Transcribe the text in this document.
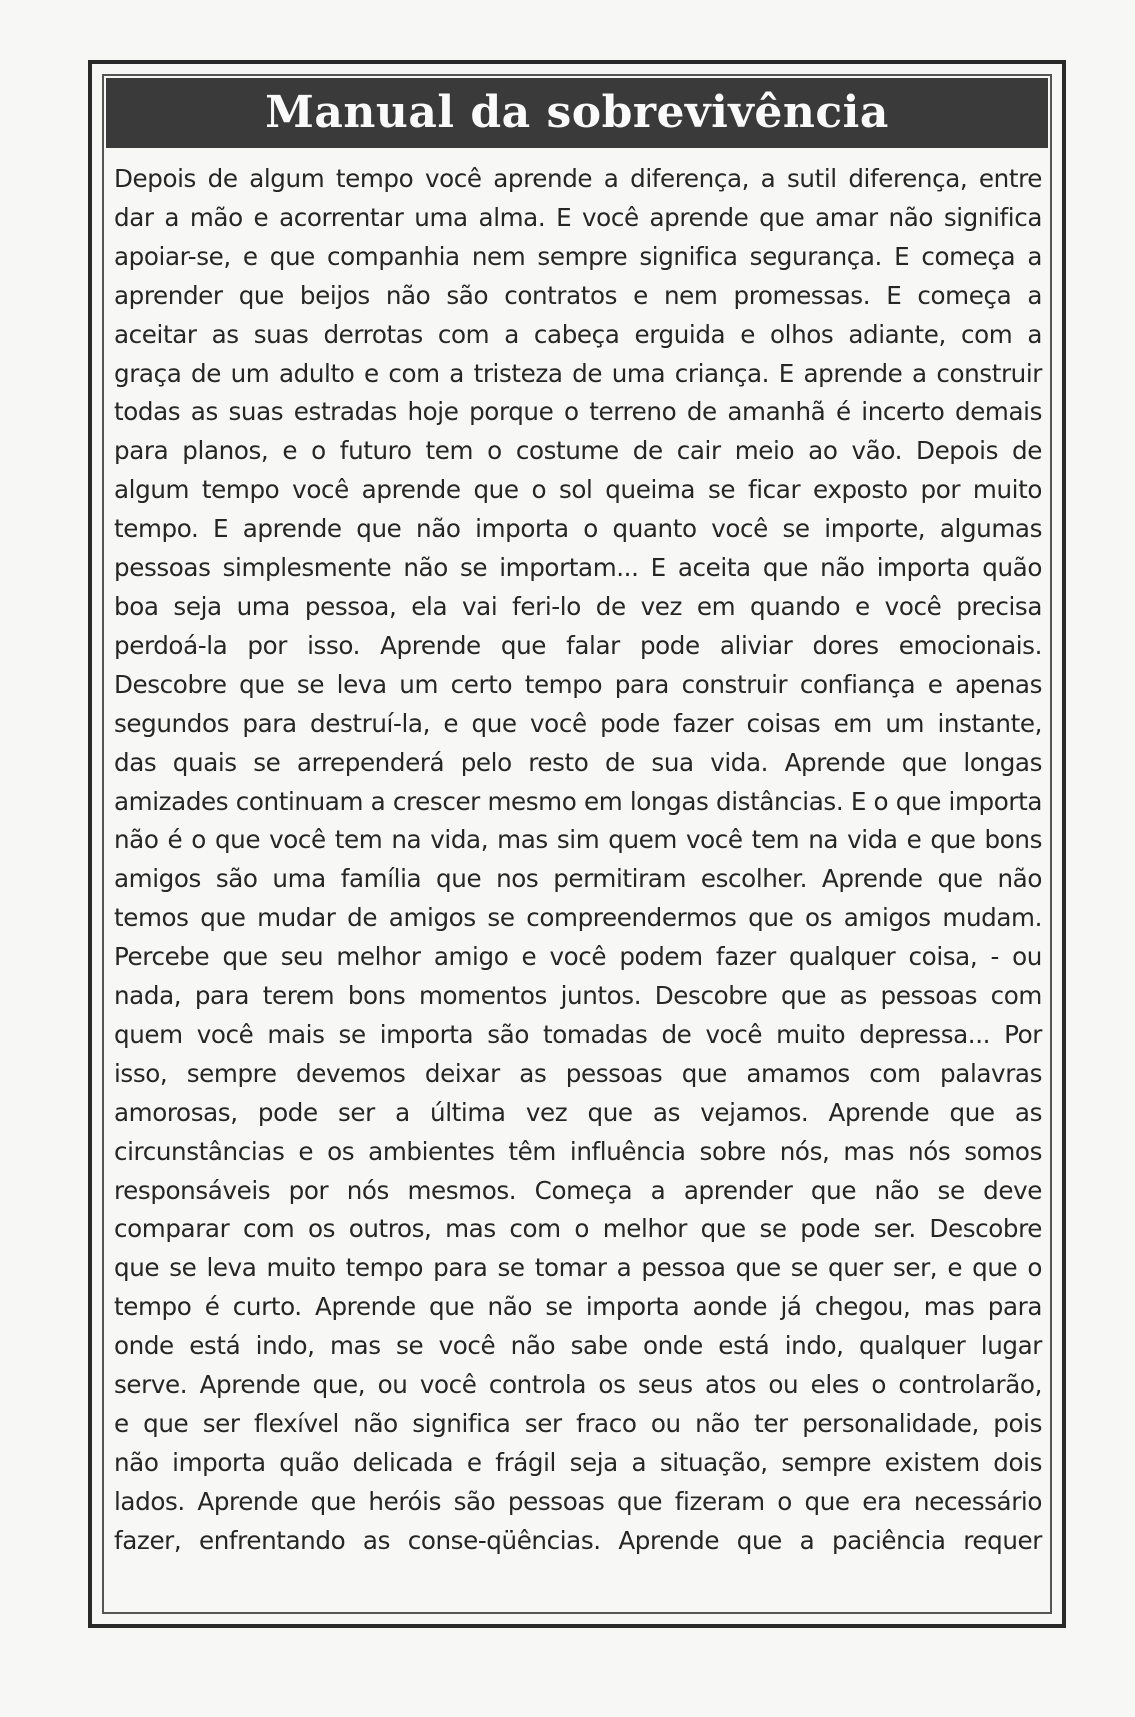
Manual da sobrevivência
Depois de algum tempo você aprende a diferença, a sutil diferença, entre
dar a mão e acorrentar uma alma. E você aprende que amar não significa
apoiar-se, e que companhia nem sempre significa segurança. E começa a
aprender que beijos não são contratos e nem promessas. E começa a
aceitar as suas derrotas com a cabeça erguida e olhos adiante, com a
graça de um adulto e com a tristeza de uma criança. E aprende a construir
todas as suas estradas hoje porque o terreno de amanhã é incerto demais
para planos, e o futuro tem o costume de cair meio ao vão. Depois de
algum tempo você aprende que o sol queima se ficar exposto por muito
tempo. E aprende que não importa o quanto você se importe, algumas
pessoas simplesmente não se importam... E aceita que não importa quão
boa seja uma pessoa, ela vai feri-lo de vez em quando e você precisa
perdoá-la por isso. Aprende que falar pode aliviar dores emocionais.
Descobre que se leva um certo tempo para construir confiança e apenas
segundos para destruí-la, e que você pode fazer coisas em um instante,
das quais se arrependerá pelo resto de sua vida. Aprende que longas
amizades continuam a crescer mesmo em longas distâncias. E o que importa
não é o que você tem na vida, mas sim quem você tem na vida e que bons
amigos são uma família que nos permitiram escolher. Aprende que não
temos que mudar de amigos se compreendermos que os amigos mudam.
Percebe que seu melhor amigo e você podem fazer qualquer coisa, - ou
nada, para terem bons momentos juntos. Descobre que as pessoas com
quem você mais se importa são tomadas de você muito depressa... Por
isso, sempre devemos deixar as pessoas que amamos com palavras
amorosas, pode ser a última vez que as vejamos. Aprende que as
circunstâncias e os ambientes têm influência sobre nós, mas nós somos
responsáveis por nós mesmos. Começa a aprender que não se deve
comparar com os outros, mas com o melhor que se pode ser. Descobre
que se leva muito tempo para se tomar a pessoa que se quer ser, e que o
tempo é curto. Aprende que não se importa aonde já chegou, mas para
onde está indo, mas se você não sabe onde está indo, qualquer lugar
serve. Aprende que, ou você controla os seus atos ou eles o controlarão,
e que ser flexível não significa ser fraco ou não ter personalidade, pois
não importa quão delicada e frágil seja a situação, sempre existem dois
lados. Aprende que heróis são pessoas que fizeram o que era necessário
fazer, enfrentando as conse-qüências. Aprende que a paciência requer
